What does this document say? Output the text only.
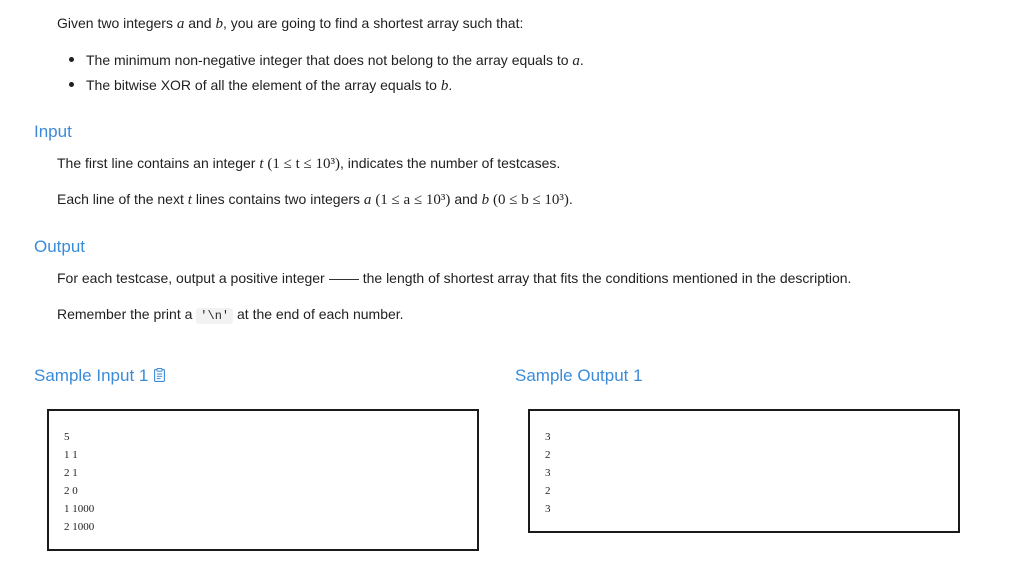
Given two integers a and b, you are going to find a shortest array such that:
The minimum non-negative integer that does not belong to the array equals to a.
The bitwise XOR of all the element of the array equals to b.
Input
The first line contains an integer t (1 ≤ t ≤ 10³), indicates the number of testcases.
Each line of the next t lines contains two integers a (1 ≤ a ≤ 10³) and b (0 ≤ b ≤ 10³).
Output
For each testcase, output a positive integer	the length of shortest array that fits the conditions mentioned in the description.
Remember the print a '\n' at the end of each number.
Sample Input 1
5
1 1
2 1
2 0
1 1000
2 1000
Sample Output 1
3
2
3
2
3
